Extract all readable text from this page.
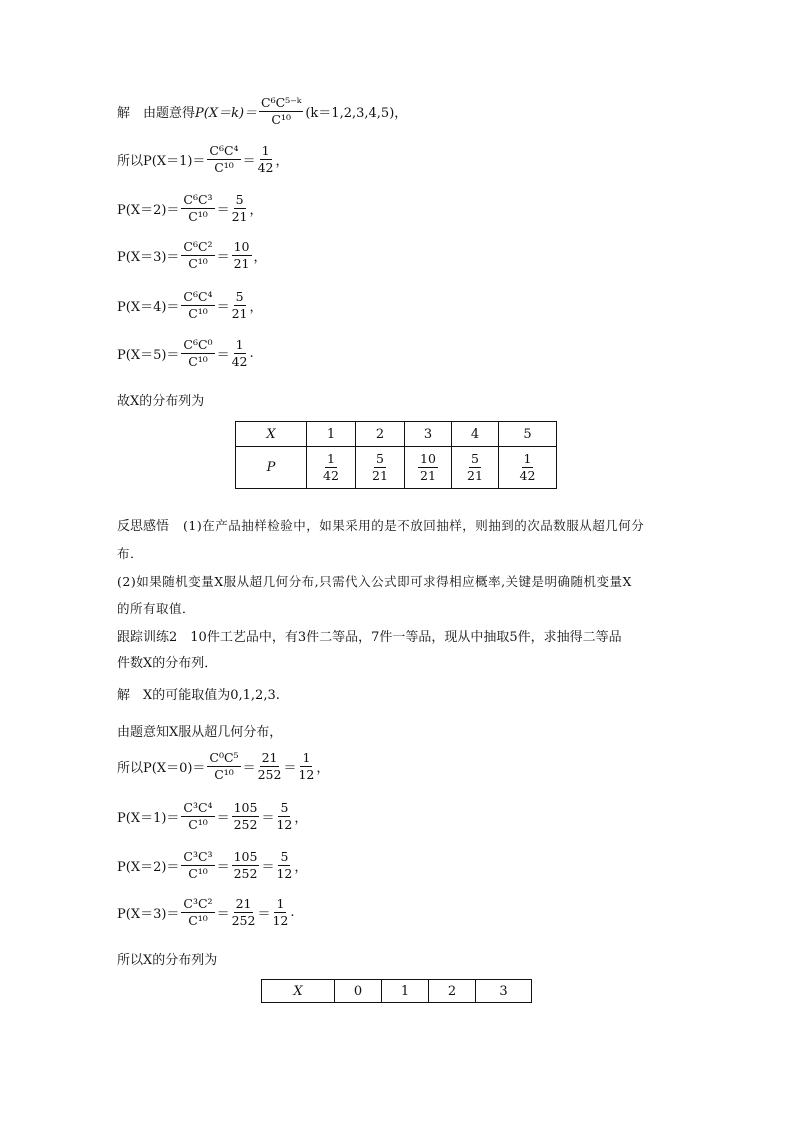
解　由题意得 $P(X=k)= \frac{\text{C⁶C⁵⁻ᵏ}}{\text{C¹⁰}} (k=1,2,3,4,5)$，
所以$P(X=1)= \frac{\text{C⁶C⁴}}{\text{C¹⁰}} = \frac{1}{42}$ ，
$P(X=2)= \frac{\text{C⁶C³}}{\text{C¹⁰}} = \frac{5}{21}$ ，
$P(X=3)= \frac{\text{C⁶C²}}{\text{C¹⁰}} = \frac{10}{21}$ ，
$P(X=4)= \frac{\text{C⁶C⁴}}{\text{C¹⁰}} = \frac{5}{21}$ ，
$P(X=5)= \frac{\text{C⁶C⁰}}{\text{C¹⁰}} = \frac{1}{42}$ .
故X的分布列为
X	1	2	3	4	5
P	$\frac{1}{42}$	$\frac{5}{21}$	$\frac{10}{21}$	$\frac{5}{21}$	$\frac{1}{42}$
反思感悟 (1)在产品抽样检验中，如果采用的是不放回抽样，则抽到的次品数服从超几何分
布．
(2)如果随机变量X服从超几何分布,只需代入公式即可求得相应概率,关键是明确随机变量X
的所有取值．
跟踪训练2　10件工艺品中，有3件二等品，7件一等品，现从中抽取5件，求抽得二等品
件数X的分布列．
解　X的可能取值为0,1,2,3.
由题意知X服从超几何分布，
所以$P(X=0)= \frac{\text{C⁰C⁵}}{\text{C¹⁰}} = \frac{21}{252} = \frac{1}{12}$ ，
$P(X=1)= \frac{\text{C³C⁴}}{\text{C¹⁰}} = \frac{105}{252} = \frac{5}{12}$ ，
$P(X=2)= \frac{\text{C³C³}}{\text{C¹⁰}} = \frac{105}{252} = \frac{5}{12}$ ，
$P(X=3)= \frac{\text{C³C²}}{\text{C¹⁰}} = \frac{21}{252} = \frac{1}{12}$ .
所以X的分布列为
X	0	1	2	3
